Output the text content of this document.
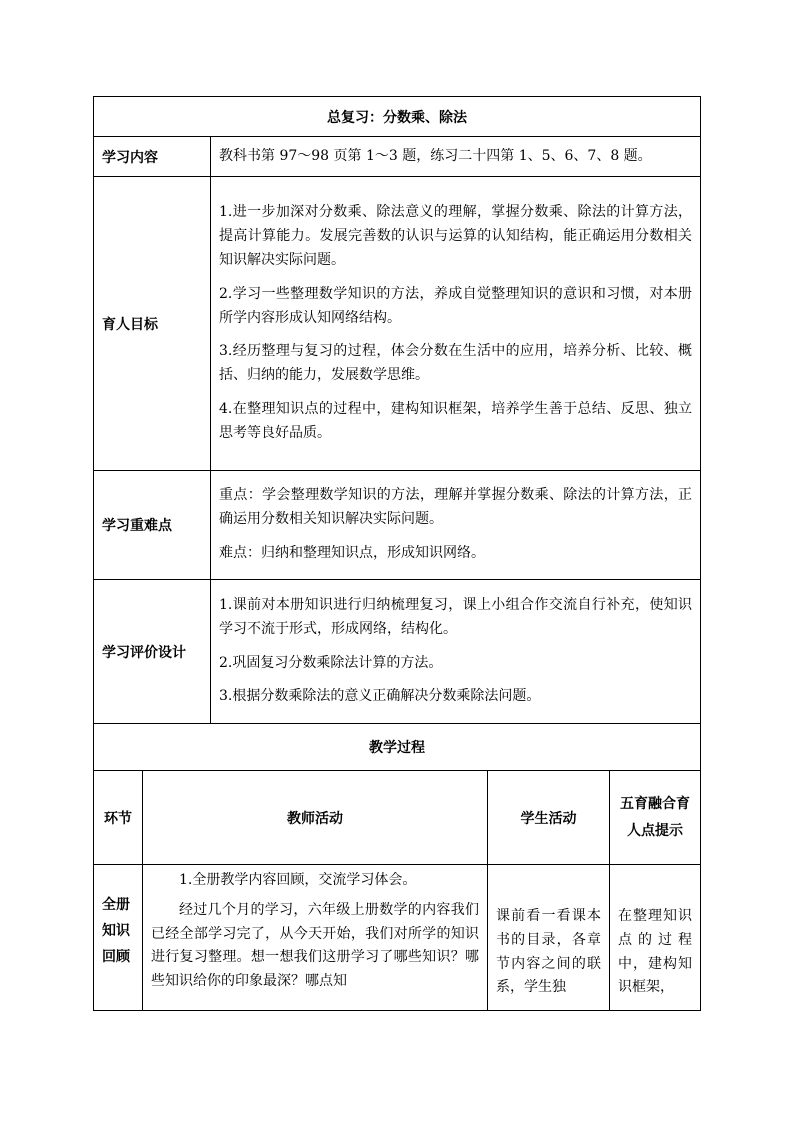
总复习：分数乘、除法				
学习内容		教科书第 97～98 页第 1～3 题，练习二十四第 1、5、6、7、8 题。		
育人目标		1.进一步加深对分数乘、除法意义的理解，掌握分数乘、除法的计算方法，提高计算能力。发展完善数的认识与运算的认知结构，能正确运用分数相关知识解决实际问题。

2.学习一些整理数学知识的方法，养成自觉整理知识的意识和习惯，对本册所学内容形成认知网络结构。

3.经历整理与复习的过程，体会分数在生活中的应用，培养分析、比较、概括、归纳的能力，发展数学思维。

4.在整理知识点的过程中，建构知识框架，培养学生善于总结、反思、独立思考等良好品质。		

学习重难点		重点：学会整理数学知识的方法，理解并掌握分数乘、除法的计算方法，正确运用分数相关知识解决实际问题。

难点：归纳和整理知识点，形成知识网络。		

学习评价设计		1.课前对本册知识进行归纳梳理复习，课上小组合作交流自行补充，使知识学习不流于形式，形成网络，结构化。

2.巩固复习分数乘除法计算的方法。

3.根据分数乘除法的意义正确解决分数乘除法问题。		

教学过程				
环节	教师活动		学生活动	五育融合育人点提示
全册知识回顾	1.全册教学内容回顾，交流学习体会。

经过几个月的学习，六年级上册数学的内容我们已经全部学习完了，从今天开始，我们对所学的知识进行复习整理。想一想我们这册学习了哪些知识？哪些知识给你的印象最深？哪点知		课前看一看课本书的目录，各章节内容之间的联系，学生独	在整理知识点的过程中，建构知识框架，
